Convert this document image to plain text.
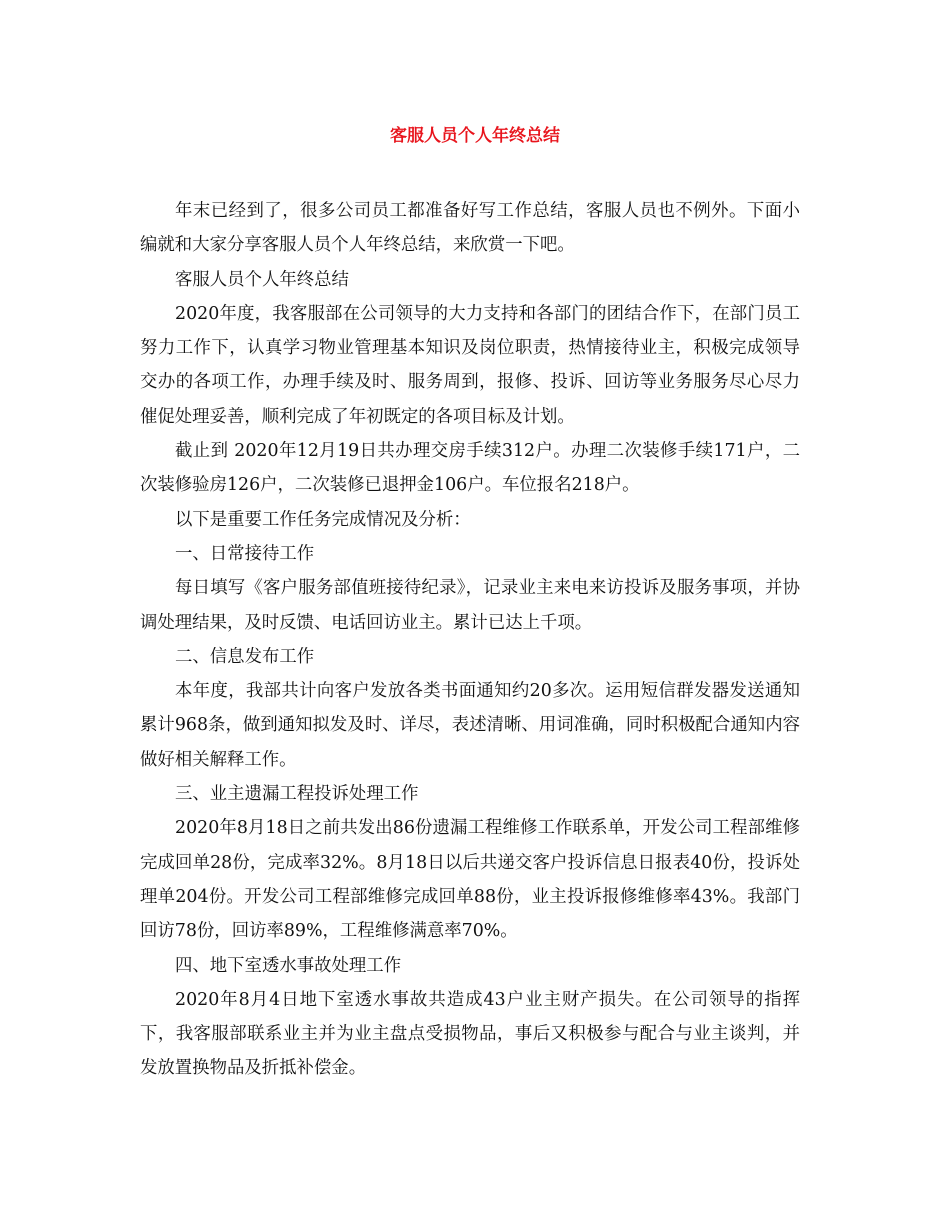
客服人员个人年终总结

年末已经到了，很多公司员工都准备好写工作总结，客服人员也不例外。下面小编就和大家分享客服人员个人年终总结，来欣赏一下吧。

客服人员个人年终总结

2020年度，我客服部在公司领导的大力支持和各部门的团结合作下，在部门员工努力工作下，认真学习物业管理基本知识及岗位职责，热情接待业主，积极完成领导交办的各项工作，办理手续及时、服务周到，报修、投诉、回访等业务服务尽心尽力催促处理妥善，顺利完成了年初既定的各项目标及计划。

截止到 2020年12月19日共办理交房手续312户。办理二次装修手续171户，二次装修验房126户，二次装修已退押金106户。车位报名218户。

以下是重要工作任务完成情况及分析：

一、日常接待工作

每日填写《客户服务部值班接待纪录》，记录业主来电来访投诉及服务事项，并协调处理结果，及时反馈、电话回访业主。累计已达上千项。

二、信息发布工作

本年度，我部共计向客户发放各类书面通知约20多次。运用短信群发器发送通知累计968条，做到通知拟发及时、详尽，表述清晰、用词准确，同时积极配合通知内容做好相关解释工作。

三、业主遗漏工程投诉处理工作

2020年8月18日之前共发出86份遗漏工程维修工作联系单，开发公司工程部维修完成回单28份，完成率32%。8月18日以后共递交客户投诉信息日报表40份，投诉处理单204份。开发公司工程部维修完成回单88份，业主投诉报修维修率43%。我部门回访78份，回访率89%，工程维修满意率70%。

四、地下室透水事故处理工作

2020年8月4日地下室透水事故共造成43户业主财产损失。在公司领导的指挥下，我客服部联系业主并为业主盘点受损物品，事后又积极参与配合与业主谈判，并发放置换物品及折抵补偿金。
